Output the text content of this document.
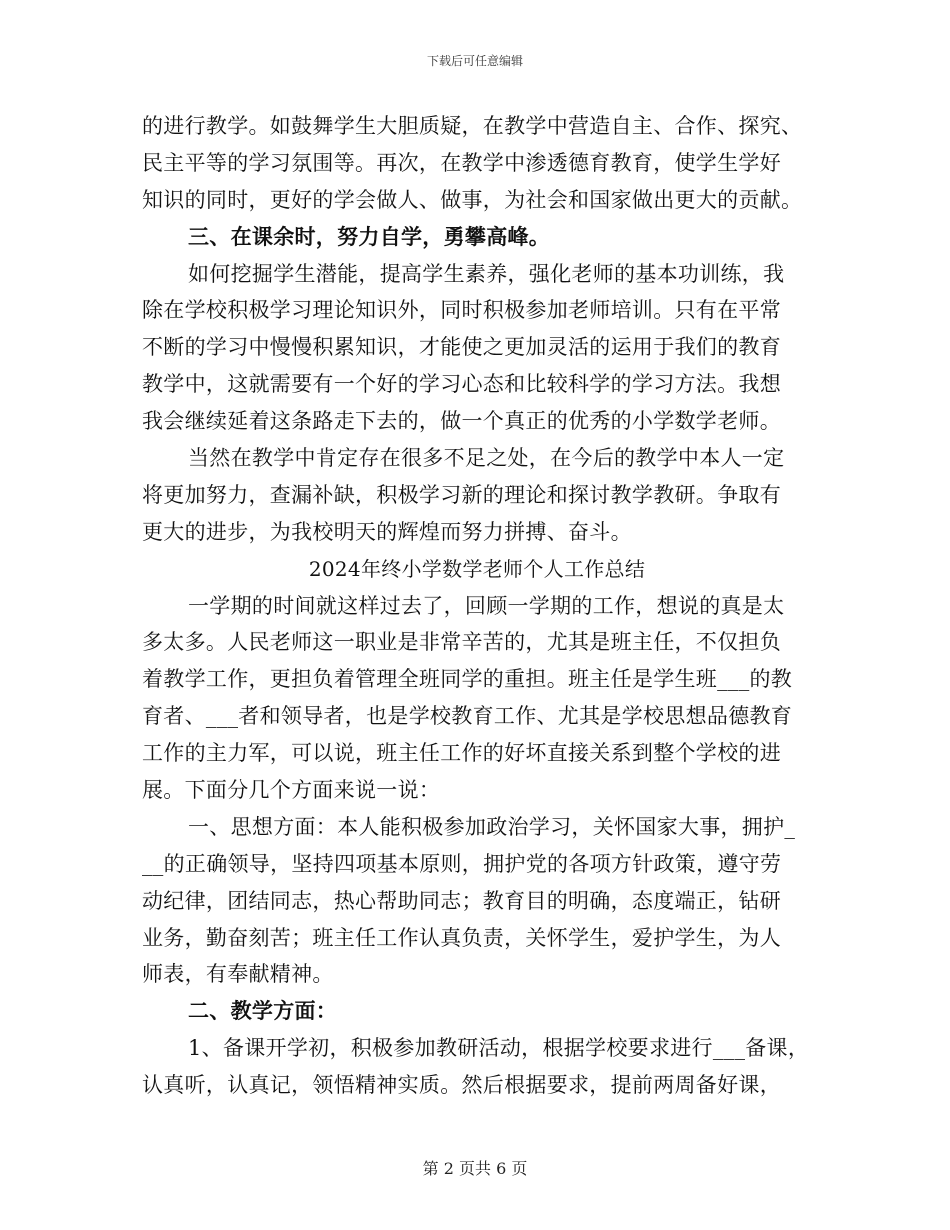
下载后可任意编辑
的进行教学。如鼓舞学生大胆质疑，在教学中营造自主、合作、探究、
民主平等的学习氛围等。再次，在教学中渗透德育教育，使学生学好
知识的同时，更好的学会做人、做事，为社会和国家做出更大的贡献。
三、在课余时，努力自学，勇攀高峰。
如何挖掘学生潜能，提高学生素养，强化老师的基本功训练，我
除在学校积极学习理论知识外，同时积极参加老师培训。只有在平常
不断的学习中慢慢积累知识，才能使之更加灵活的运用于我们的教育
教学中，这就需要有一个好的学习心态和比较科学的学习方法。我想
我会继续延着这条路走下去的，做一个真正的优秀的小学数学老师。
当然在教学中肯定存在很多不足之处，在今后的教学中本人一定
将更加努力，查漏补缺，积极学习新的理论和探讨教学教研。争取有
更大的进步，为我校明天的辉煌而努力拼搏、奋斗。
2024年终小学数学老师个人工作总结
一学期的时间就这样过去了，回顾一学期的工作，想说的真是太
多太多。人民老师这一职业是非常辛苦的，尤其是班主任，不仅担负
着教学工作，更担负着管理全班同学的重担。班主任是学生班___的教
育者、___者和领导者，也是学校教育工作、尤其是学校思想品德教育
工作的主力军，可以说，班主任工作的好坏直接关系到整个学校的进
展。下面分几个方面来说一说：
一、思想方面：本人能积极参加政治学习，关怀国家大事，拥护_
__的正确领导，坚持四项基本原则，拥护党的各项方针政策，遵守劳
动纪律，团结同志，热心帮助同志；教育目的明确，态度端正，钻研
业务，勤奋刻苦；班主任工作认真负责，关怀学生，爱护学生，为人
师表，有奉献精神。
二、教学方面：
1、备课开学初，积极参加教研活动，根据学校要求进行___备课，
认真听，认真记，领悟精神实质。然后根据要求，提前两周备好课，
第 2 页共 6 页
